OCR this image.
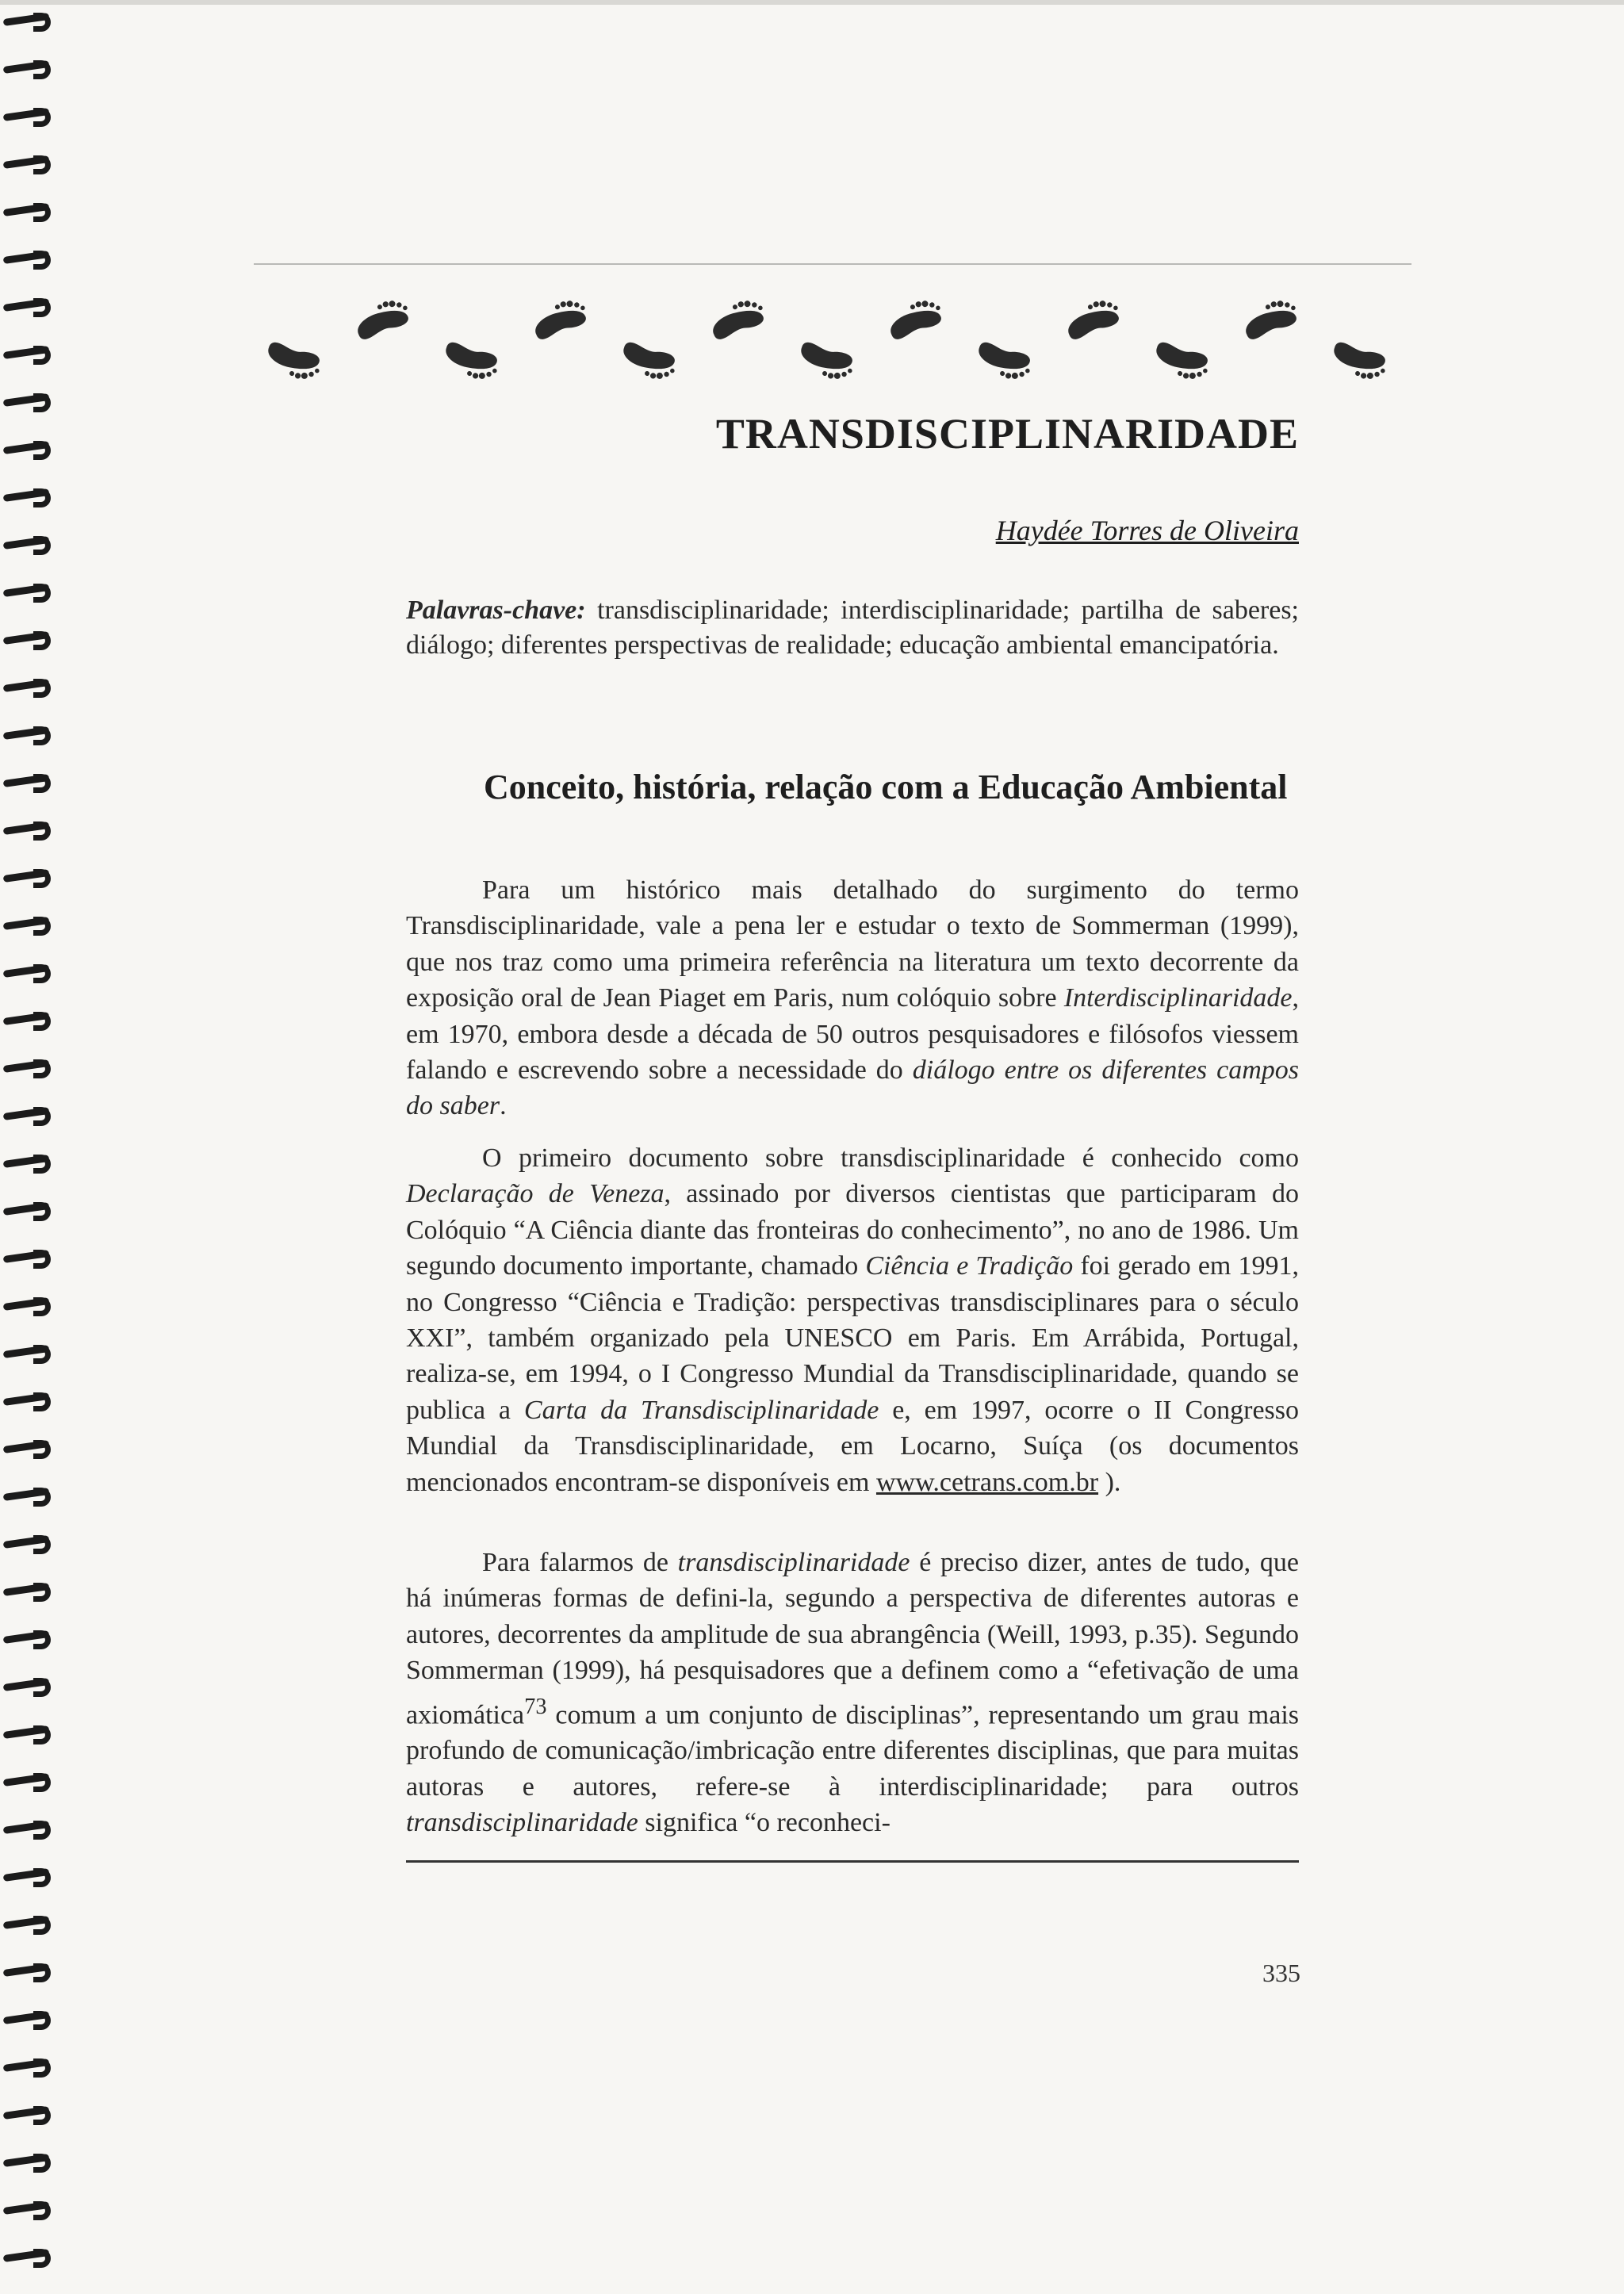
TRANSDISCIPLINARIDADE
Haydée Torres de Oliveira

Palavras-chave: transdisciplinaridade; interdisciplinaridade; partilha de saberes; diálogo; diferentes perspectivas de realidade; educação ambiental emancipatória.

Conceito, história, relação com a Educação Ambiental

Para um histórico mais detalhado do surgimento do termo Transdisciplinaridade, vale a pena ler e estudar o texto de Sommerman (1999), que nos traz como uma primeira referência na literatura um texto decorrente da exposição oral de Jean Piaget em Paris, num colóquio sobre Interdisciplinaridade, em 1970, embora desde a década de 50 outros pesquisadores e filósofos viessem falando e escrevendo sobre a necessidade do diálogo entre os diferentes campos do saber.

O primeiro documento sobre transdisciplinaridade é conhecido como Declaração de Veneza, assinado por diversos cientistas que participaram do Colóquio “A Ciência diante das fronteiras do conhecimento”, no ano de 1986. Um segundo documento importante, chamado Ciência e Tradição foi gerado em 1991, no Congresso “Ciência e Tradição: perspectivas transdisciplinares para o século XXI”, também organizado pela UNESCO em Paris. Em Arrábida, Portugal, realiza-se, em 1994, o I Congresso Mundial da Transdisciplinaridade, quando se publica a Carta da Transdisciplinaridade e, em 1997, ocorre o II Congresso Mundial da Transdisciplinaridade, em Locarno, Suíça (os documentos mencionados encontram-se disponíveis em www.cetrans.com.br ).

Para falarmos de transdisciplinaridade é preciso dizer, antes de tudo, que há inúmeras formas de defini-la, segundo a perspectiva de diferentes autoras e autores, decorrentes da amplitude de sua abrangência (Weill, 1993, p.35). Segundo Sommerman (1999), há pesquisadores que a definem como a “efetivação de uma axiomática$^{73}$ comum a um conjunto de disciplinas”, representando um grau mais profundo de comunicação/imbricação entre diferentes disciplinas, que para muitas autoras e autores, refere-se à interdisciplinaridade; para outros transdisciplinaridade significa “o reconheci-

335
